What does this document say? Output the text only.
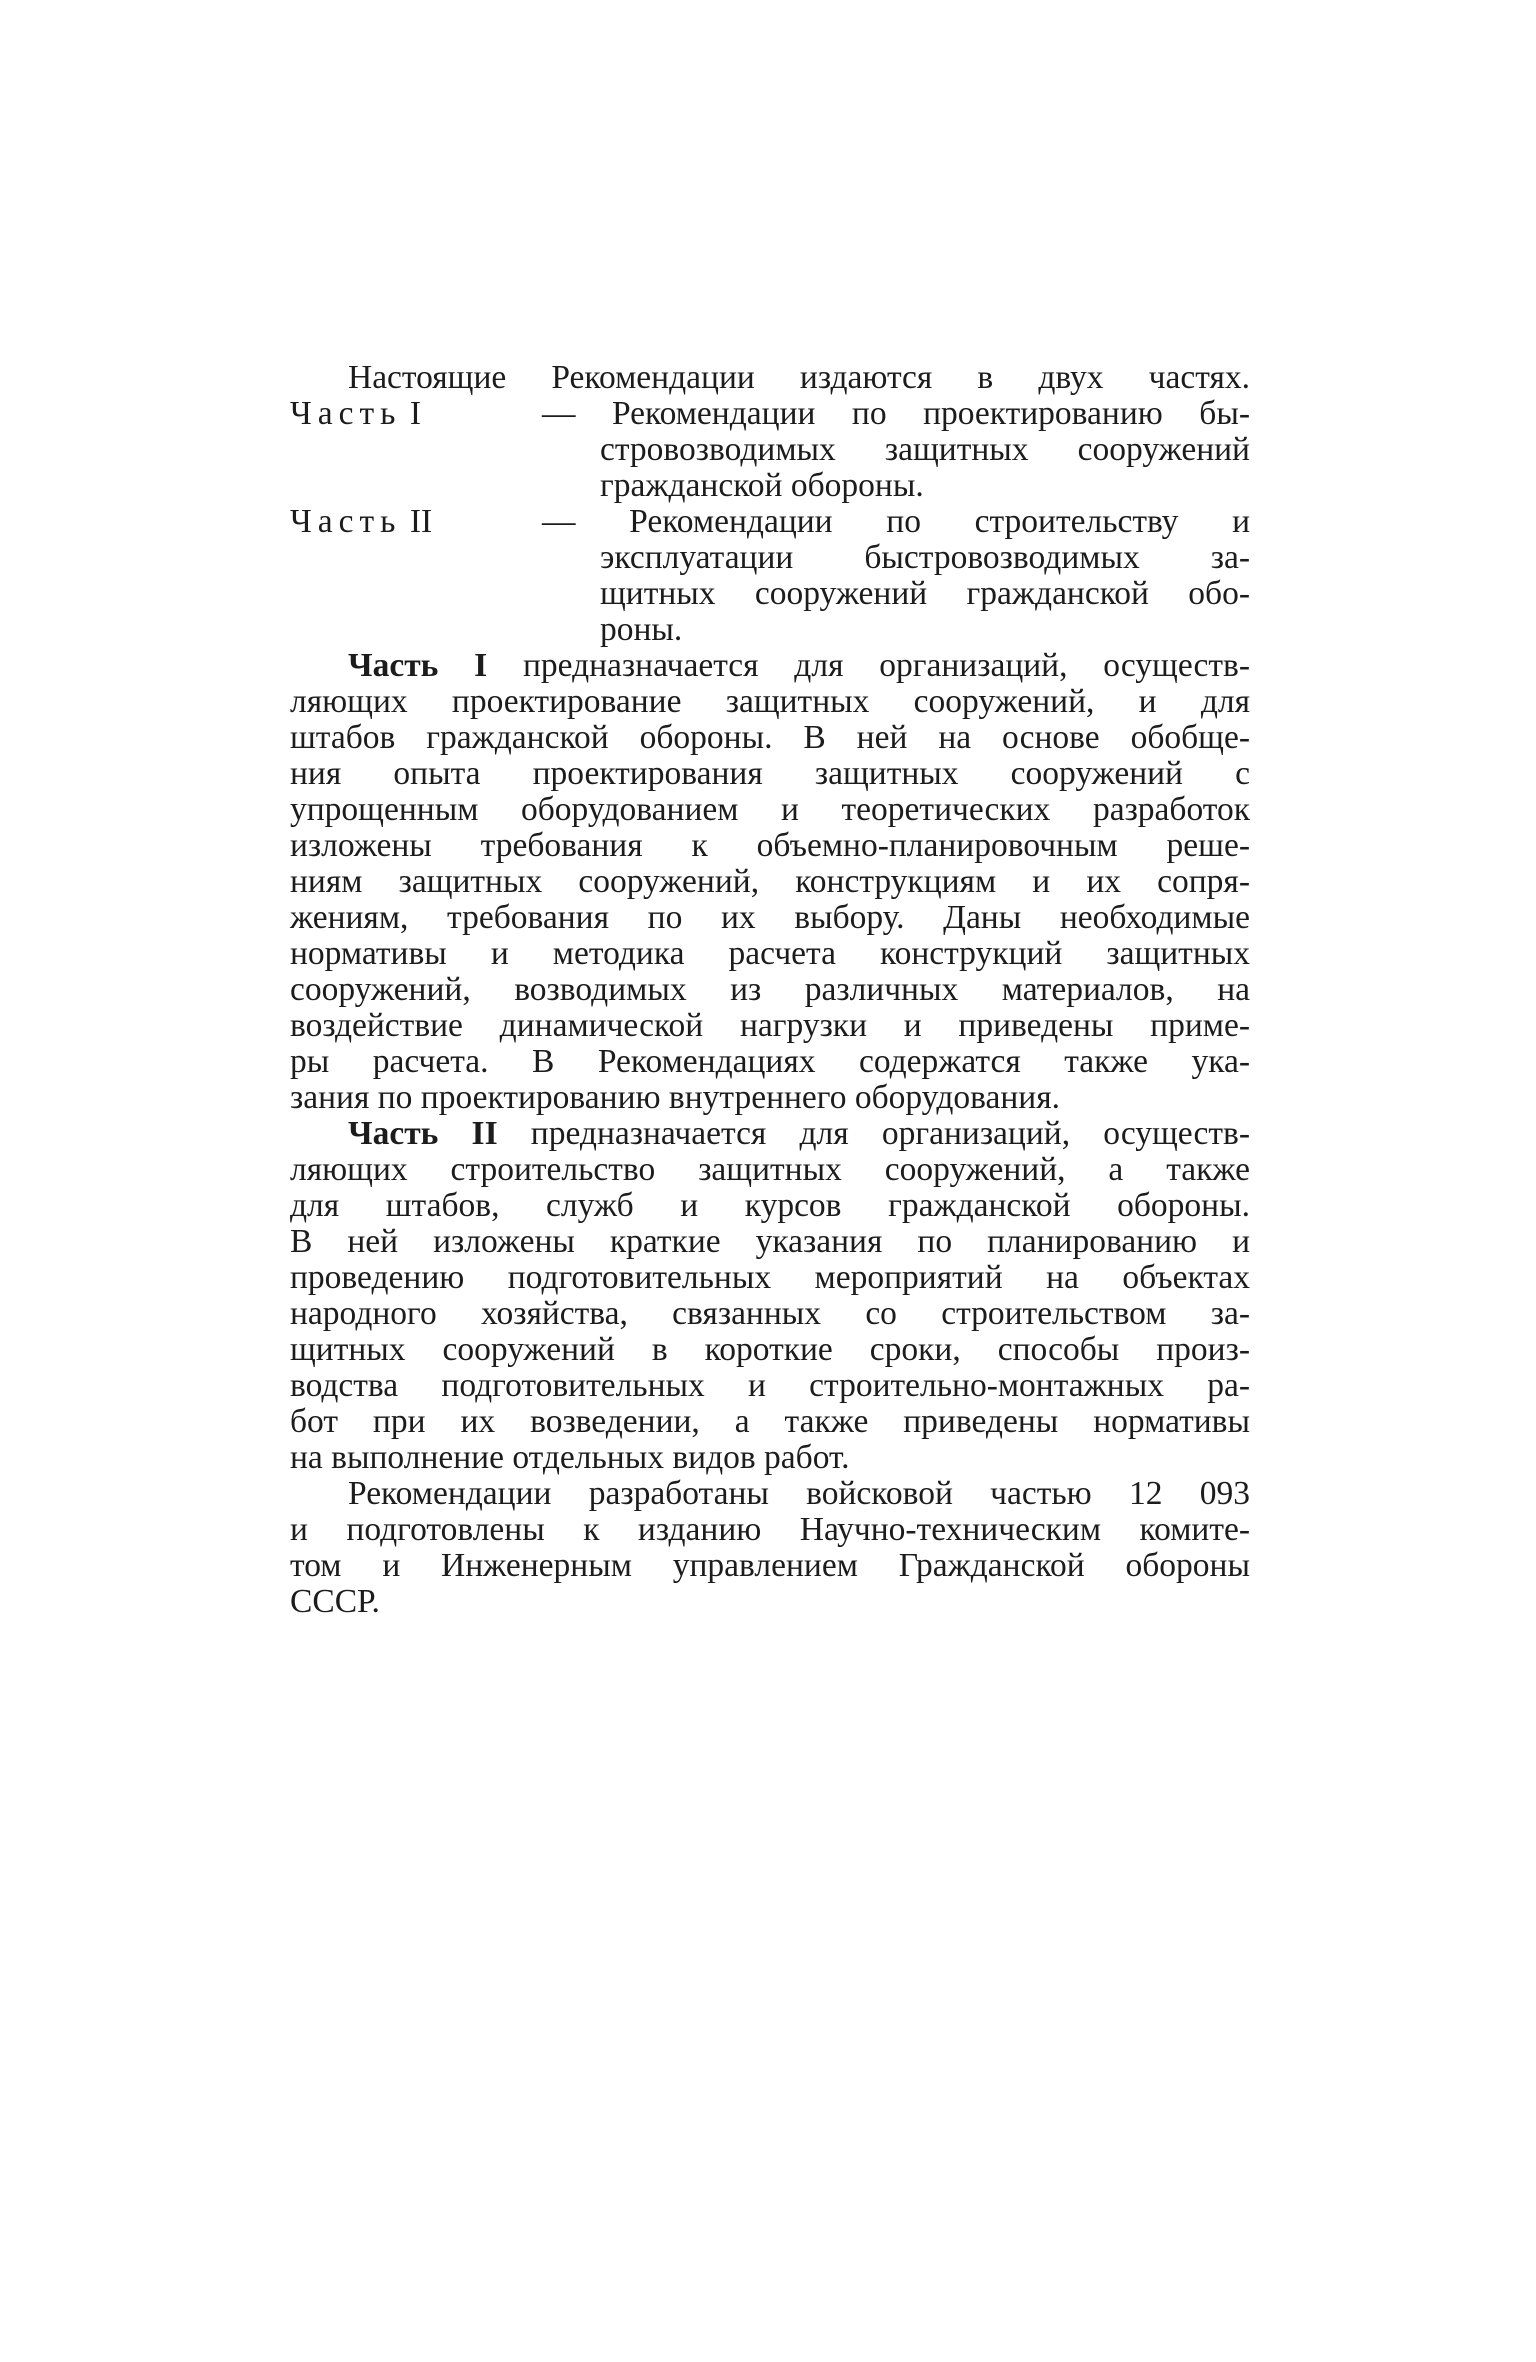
Настоящие Рекомендации издаются в двух частях.
Часть I	— Рекомендации по проектированию бы-
стровозводимых защитных сооружений
гражданской обороны.
Часть II	— Рекомендации по строительству и
эксплуатации быстровозводимых за-
щитных сооружений гражданской обо-
роны.
Часть I предназначается для организаций, осуществ-
ляющих проектирование защитных сооружений, и для
штабов гражданской обороны. В ней на основе обобще-
ния опыта проектирования защитных сооружений с
упрощенным оборудованием и теоретических разработок
изложены требования к объемно-планировочным реше-
ниям защитных сооружений, конструкциям и их сопря-
жениям, требования по их выбору. Даны необходимые
нормативы и методика расчета конструкций защитных
сооружений, возводимых из различных материалов, на
воздействие динамической нагрузки и приведены приме-
ры расчета. В Рекомендациях содержатся также ука-
зания по проектированию внутреннего оборудования.
Часть II предназначается для организаций, осуществ-
ляющих строительство защитных сооружений, а также
для штабов, служб и курсов гражданской обороны.
В ней изложены краткие указания по планированию и
проведению подготовительных мероприятий на объектах
народного хозяйства, связанных со строительством за-
щитных сооружений в короткие сроки, способы произ-
водства подготовительных и строительно-монтажных ра-
бот при их возведении, а также приведены нормативы
на выполнение отдельных видов работ.
Рекомендации разработаны войсковой частью 12 093
и подготовлены к изданию Научно-техническим комите-
том и Инженерным управлением Гражданской обороны
СССР.
